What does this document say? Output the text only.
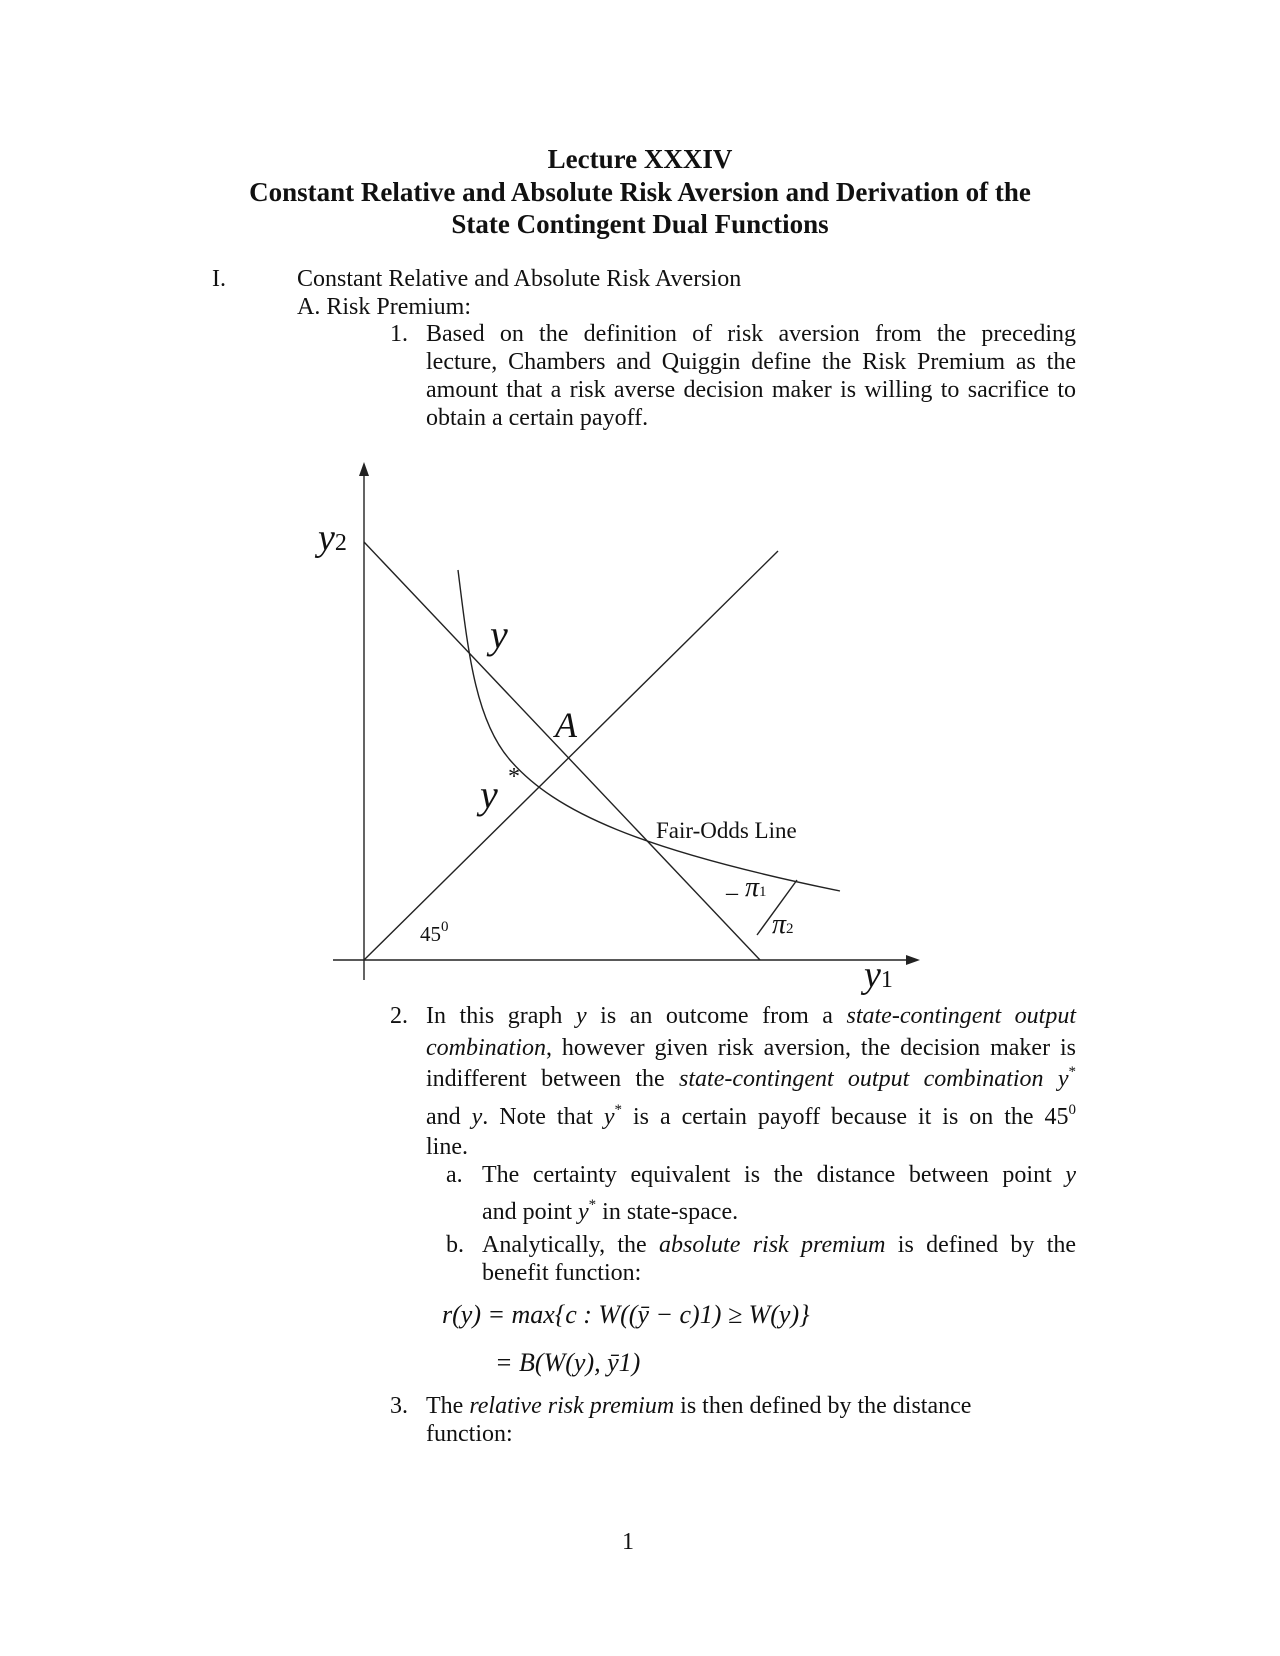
Lecture XXXIV
Constant Relative and Absolute Risk Aversion and Derivation of the
State Contingent Dual Functions
I.	Constant Relative and Absolute Risk Aversion
A. Risk Premium:
1. Based on the definition of risk aversion from the preceding
lecture, Chambers and Quiggin define the Risk Premium as the
amount that a risk averse decision maker is willing to sacrifice to
obtain a certain payoff.
y2
y1
y
A
y *
Fair-Odds Line
$45^0$
– π1
π2
2. In this graph y is an outcome from a state-contingent output
combination, however given risk aversion, the decision maker is
indifferent between the state-contingent output combination y*
and y. Note that y* is a certain payoff because it is on the $45^0$
line.
a. The certainty equivalent is the distance between point y
and point y* in state-space.
b. Analytically, the absolute risk premium is defined by the
benefit function:
r(y) = max{c : W((ȳ − c)1) ≥ W(y)}
= B(W(y), ȳ1)
3. The relative risk premium is then defined by the distance
function:
1
